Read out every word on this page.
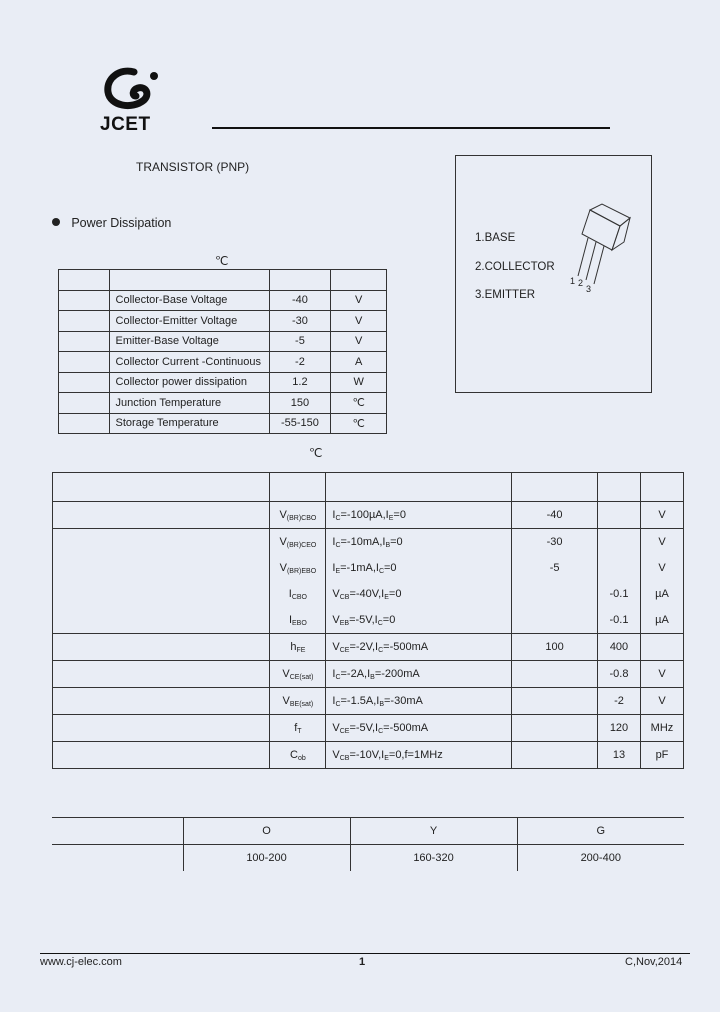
JCET
TRANSISTOR (PNP)
Power Dissipation
1.BASE
2.COLLECTOR
3.EMITTER
1 2
3
℃

	Collector-Base Voltage	-40	V
	Collector-Emitter Voltage	-30	V
	Emitter-Base Voltage	-5	V
	Collector Current -Continuous	-2	A
	Collector power dissipation	1.2	W
	Junction Temperature	150	℃
	Storage Temperature	-55-150	℃
℃

	$V_{(BR)CBO}$	$I_C=-100\mu A,I_E=0$	-40		V
	$V_{(BR)CEO}$	$I_C=-10mA,I_B=0$	-30		V
	$V_{(BR)EBO}$	$I_E=-1mA,I_C=0$	-5		V
	$I_{CBO}$	$V_{CB}=-40V,I_E=0$		-0.1	µA
	$I_{EBO}$	$V_{EB}=-5V,I_C=0$		-0.1	µA
	$h_{FE}$	$V_{CE}=-2V,I_C=-500mA$	100	400	
	$V_{CE(sat)}$	$I_C=-2A,I_B=-200mA$		-0.8	V
	$V_{BE(sat)}$	$I_C=-1.5A,I_B=-30mA$		-2	V
	$f_T$	$V_{CE}=-5V,I_C=-500mA$		120	MHz
	$C_{ob}$	$V_{CB}=-10V,I_E=0,f=1MHz$		13	pF
	O	Y	G
	100-200	160-320	200-400
www.cj-elec.com	1	C,Nov,2014
